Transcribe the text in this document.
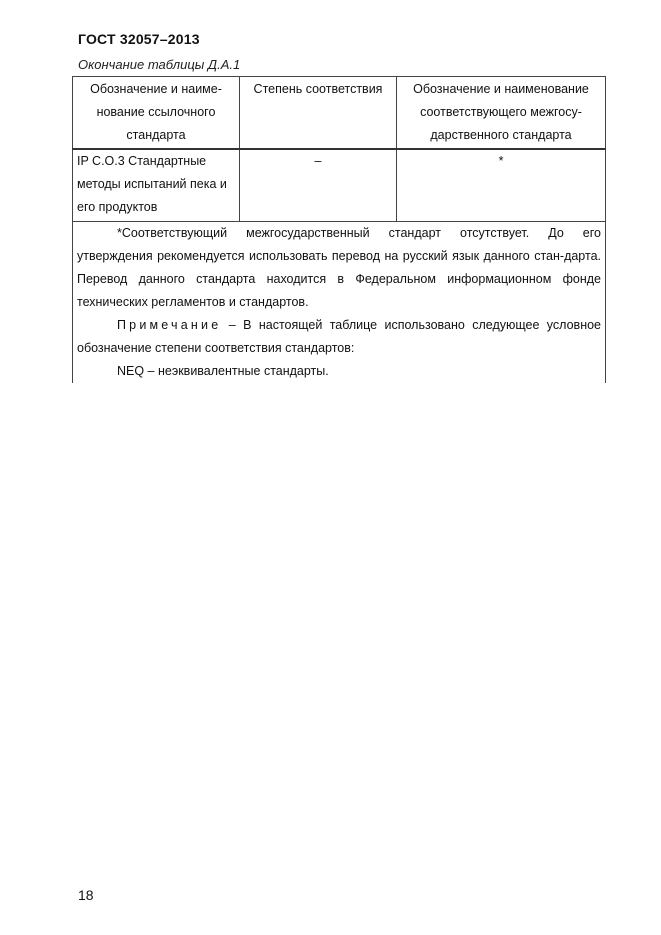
ГОСТ 32057–2013
Окончание таблицы Д.А.1
Обозначение и наиме-нование ссылочного стандарта	Степень соответствия	Обозначение и наименование соответствующего межгосу-дарственного стандарта
IP C.O.3 Стандартные методы испытаний пека и его продуктов	–	*

*Соответствующий межгосударственный стандарт отсутствует. До его утверждения рекомендуется использовать перевод на русский язык данного стан-дарта. Перевод данного стандарта находится в Федеральном информационном фонде технических регламентов и стандартов.

Примечание – В настоящей таблице использовано следующее условное обозначение степени соответствия стандартов:

NEQ – неэквивалентные стандарты.		

18
